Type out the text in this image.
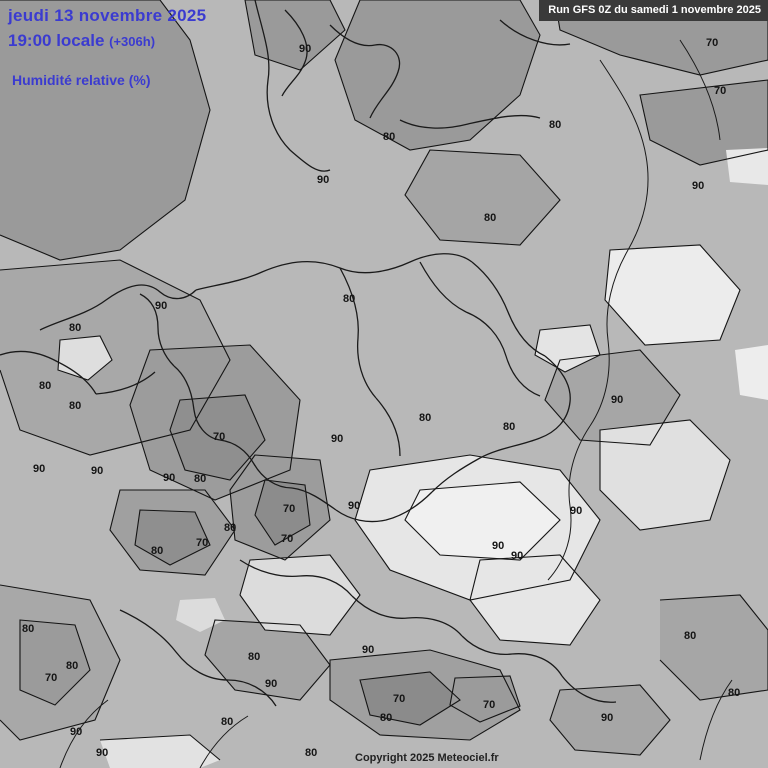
jeudi 13 novembre 2025
19:00 locale (+306h)
Humidité relative (%)
Run GFS 0Z du samedi 1 novembre 2025
Copyright 2025 Meteociel.fr
90	70
80
80
70
90	90
80
90
80
80
80
80
80
80
90
70	90
90	90
90 80
70	90	90
70
80
80
70
90
90
80
80
70
80
80
90
90
70	70
80	90
80
80
90
90	80
